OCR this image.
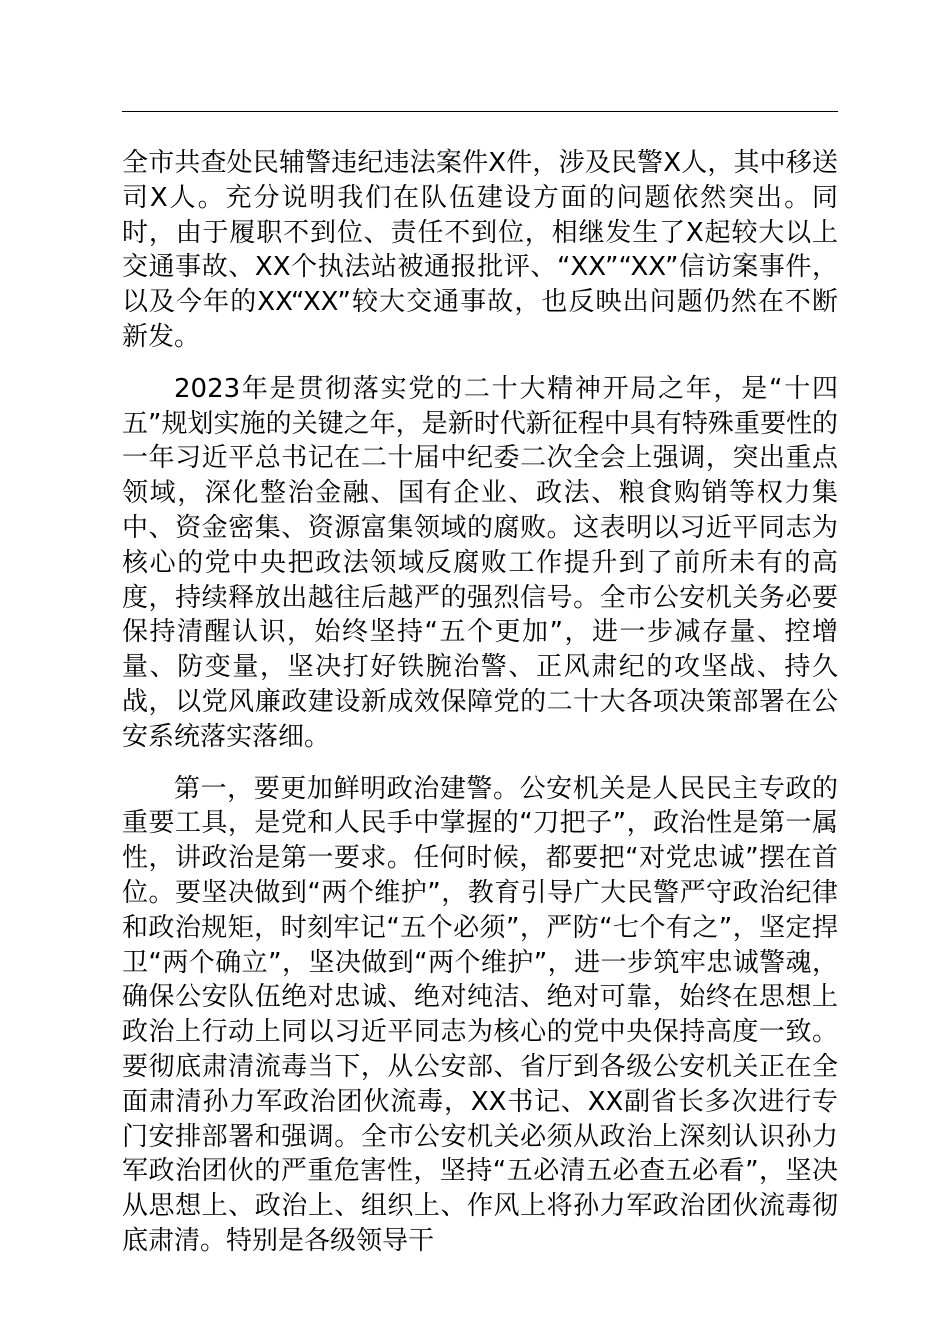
全市共查处民辅警违纪违法案件X件，涉及民警X人，其中移送司X人。充分说明我们在队伍建设方面的问题依然突出。同时，由于履职不到位、责任不到位，相继发生了X起较大以上交通事故、XX个执法站被通报批评、“XX”“XX”信访案事件，以及今年的XX“XX”较大交通事故，也反映出问题仍然在不断新发。

2023年是贯彻落实党的二十大精神开局之年，是“十四五”规划实施的关键之年，是新时代新征程中具有特殊重要性的一年习近平总书记在二十届中纪委二次全会上强调，突出重点领域，深化整治金融、国有企业、政法、粮食购销等权力集中、资金密集、资源富集领域的腐败。这表明以习近平同志为核心的党中央把政法领域反腐败工作提升到了前所未有的高度，持续释放出越往后越严的强烈信号。全市公安机关务必要保持清醒认识，始终坚持“五个更加”，进一步减存量、控增量、防变量，坚决打好铁腕治警、正风肃纪的攻坚战、持久战，以党风廉政建设新成效保障党的二十大各项决策部署在公安系统落实落细。

第一，要更加鲜明政治建警。公安机关是人民民主专政的重要工具，是党和人民手中掌握的“刀把子”，政治性是第一属性，讲政治是第一要求。任何时候，都要把“对党忠诚”摆在首位。要坚决做到“两个维护”，教育引导广大民警严守政治纪律和政治规矩，时刻牢记“五个必须”，严防“七个有之”，坚定捍卫“两个确立”，坚决做到“两个维护”，进一步筑牢忠诚警魂，确保公安队伍绝对忠诚、绝对纯洁、绝对可靠，始终在思想上政治上行动上同以习近平同志为核心的党中央保持高度一致。要彻底肃清流毒当下，从公安部、省厅到各级公安机关正在全面肃清孙力军政治团伙流毒，XX书记、XX副省长多次进行专门安排部署和强调。全市公安机关必须从政治上深刻认识孙力军政治团伙的严重危害性，坚持“五必清五必查五必看”，坚决从思想上、政治上、组织上、作风上将孙力军政治团伙流毒彻底肃清。特别是各级领导干
